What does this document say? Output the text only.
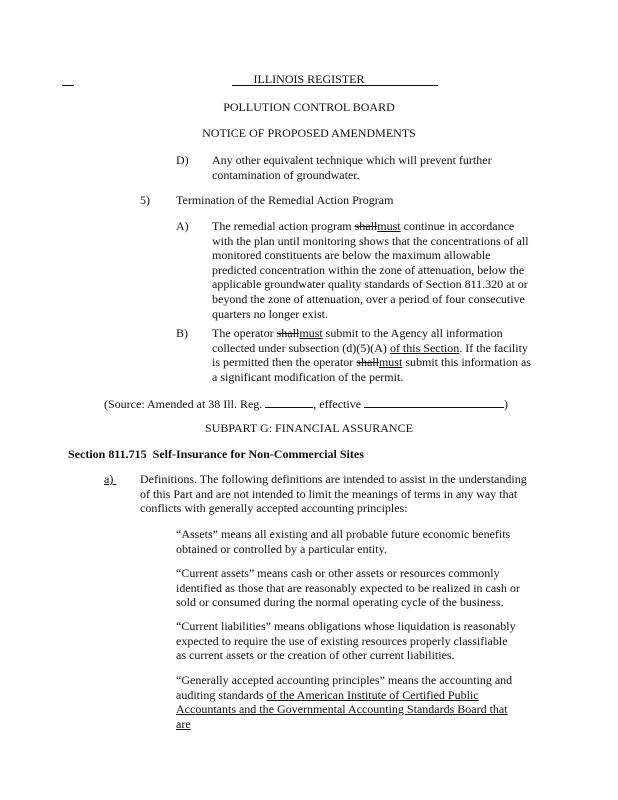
ILLINOIS REGISTER
POLLUTION CONTROL BOARD
NOTICE OF PROPOSED AMENDMENTS
D) Any other equivalent technique which will prevent further contamination of groundwater.

5) Termination of the Remedial Action Program

A) The remedial action program shallmust continue in accordance with the plan until monitoring shows that the concentrations of all monitored constituents are below the maximum allowable predicted concentration within the zone of attenuation, below the applicable groundwater quality standards of Section 811.320 at or beyond the zone of attenuation, over a period of four consecutive quarters no longer exist.

B) The operator shallmust submit to the Agency all information collected under subsection (d)(5)(A) of this Section. If the facility is permitted then the operator shallmust submit this information as a significant modification of the permit.

(Source: Amended at 38 Ill. Reg.	, effective	)
SUBPART G: FINANCIAL ASSURANCE
Section 811.715 Self-Insurance for Non-Commercial Sites
a)	Definitions. The following definitions are intended to assist in the understanding of this Part and are not intended to limit the meanings of terms in any way that conflicts with generally accepted accounting principles:

“Assets” means all existing and all probable future economic benefits obtained or controlled by a particular entity.

“Current assets” means cash or other assets or resources commonly identified as those that are reasonably expected to be realized in cash or sold or consumed during the normal operating cycle of the business.

“Current liabilities” means obligations whose liquidation is reasonably expected to require the use of existing resources properly classifiable as current assets or the creation of other current liabilities.

“Generally accepted accounting principles” means the accounting and auditing standards of the American Institute of Certified Public Accountants and the Governmental Accounting Standards Board that are
